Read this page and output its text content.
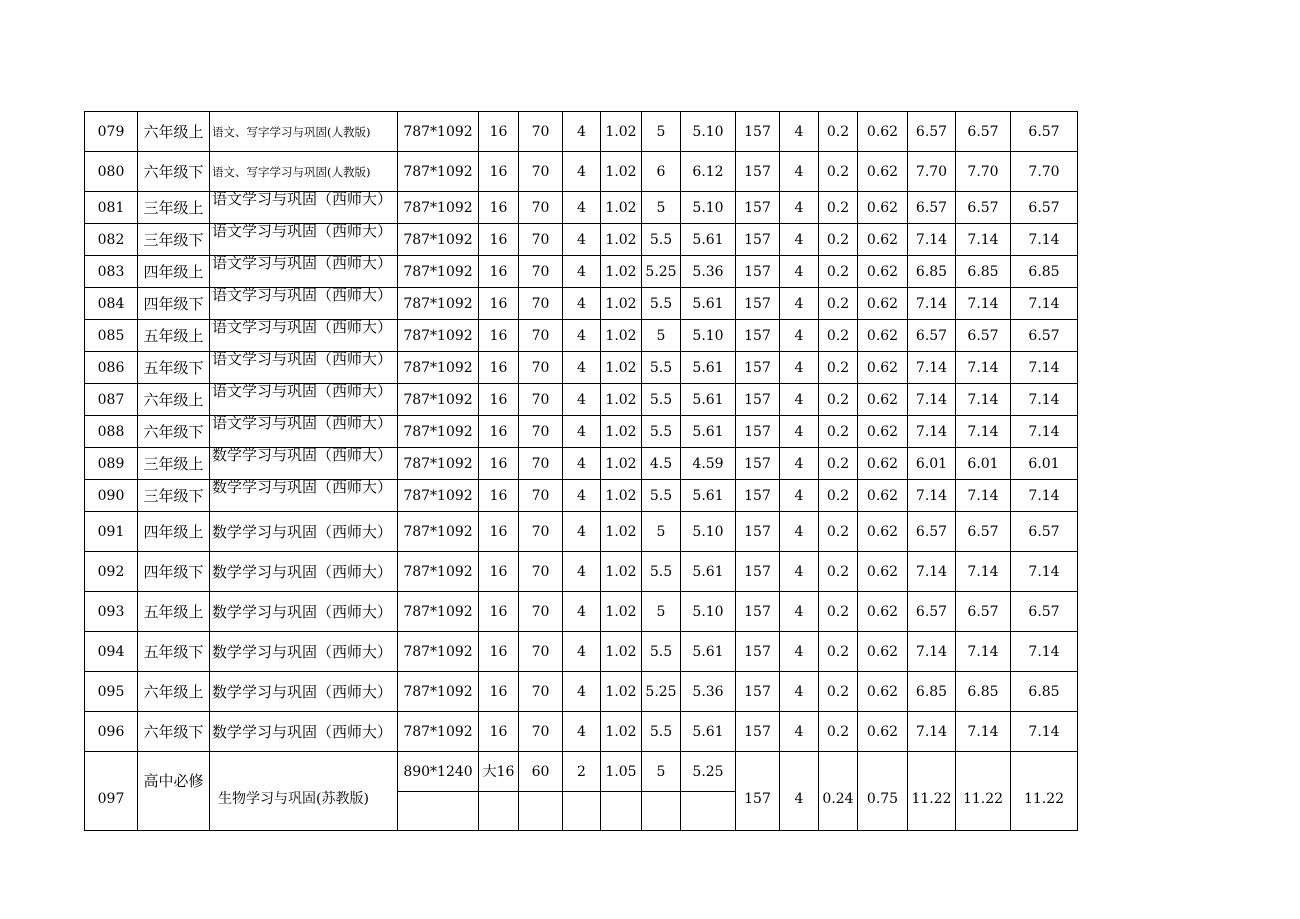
079	六年级上	语文、写字学习与巩固(人教版)	787*1092	16	70	4	1.02	5	5.10	157	4	0.2	0.62	6.57	6.57	6.57
080	六年级下	语文、写字学习与巩固(人教版)	787*1092	16	70	4	1.02	6	6.12	157	4	0.2	0.62	7.70	7.70	7.70
081	三年级上	语文学习与巩固（西师大）	787*1092	16	70	4	1.02	5	5.10	157	4	0.2	0.62	6.57	6.57	6.57
082	三年级下	语文学习与巩固（西师大）	787*1092	16	70	4	1.02	5.5	5.61	157	4	0.2	0.62	7.14	7.14	7.14
083	四年级上	语文学习与巩固（西师大）	787*1092	16	70	4	1.02	5.25	5.36	157	4	0.2	0.62	6.85	6.85	6.85
084	四年级下	语文学习与巩固（西师大）	787*1092	16	70	4	1.02	5.5	5.61	157	4	0.2	0.62	7.14	7.14	7.14
085	五年级上	语文学习与巩固（西师大）	787*1092	16	70	4	1.02	5	5.10	157	4	0.2	0.62	6.57	6.57	6.57
086	五年级下	语文学习与巩固（西师大）	787*1092	16	70	4	1.02	5.5	5.61	157	4	0.2	0.62	7.14	7.14	7.14
087	六年级上	语文学习与巩固（西师大）	787*1092	16	70	4	1.02	5.5	5.61	157	4	0.2	0.62	7.14	7.14	7.14
088	六年级下	语文学习与巩固（西师大）	787*1092	16	70	4	1.02	5.5	5.61	157	4	0.2	0.62	7.14	7.14	7.14
089	三年级上	数学学习与巩固（西师大）	787*1092	16	70	4	1.02	4.5	4.59	157	4	0.2	0.62	6.01	6.01	6.01
090	三年级下	数学学习与巩固（西师大）	787*1092	16	70	4	1.02	5.5	5.61	157	4	0.2	0.62	7.14	7.14	7.14
091	四年级上	数学学习与巩固（西师大）	787*1092	16	70	4	1.02	5	5.10	157	4	0.2	0.62	6.57	6.57	6.57
092	四年级下	数学学习与巩固（西师大）	787*1092	16	70	4	1.02	5.5	5.61	157	4	0.2	0.62	7.14	7.14	7.14
093	五年级上	数学学习与巩固（西师大）	787*1092	16	70	4	1.02	5	5.10	157	4	0.2	0.62	6.57	6.57	6.57
094	五年级下	数学学习与巩固（西师大）	787*1092	16	70	4	1.02	5.5	5.61	157	4	0.2	0.62	7.14	7.14	7.14
095	六年级上	数学学习与巩固（西师大）	787*1092	16	70	4	1.02	5.25	5.36	157	4	0.2	0.62	6.85	6.85	6.85
096	六年级下	数学学习与巩固（西师大）	787*1092	16	70	4	1.02	5.5	5.61	157	4	0.2	0.62	7.14	7.14	7.14
097	高中必修	生物学习与巩固(苏教版)	890*1240	大16	60	2	1.05	5	5.25	157	4	0.24	0.75	11.22	11.22	11.22
